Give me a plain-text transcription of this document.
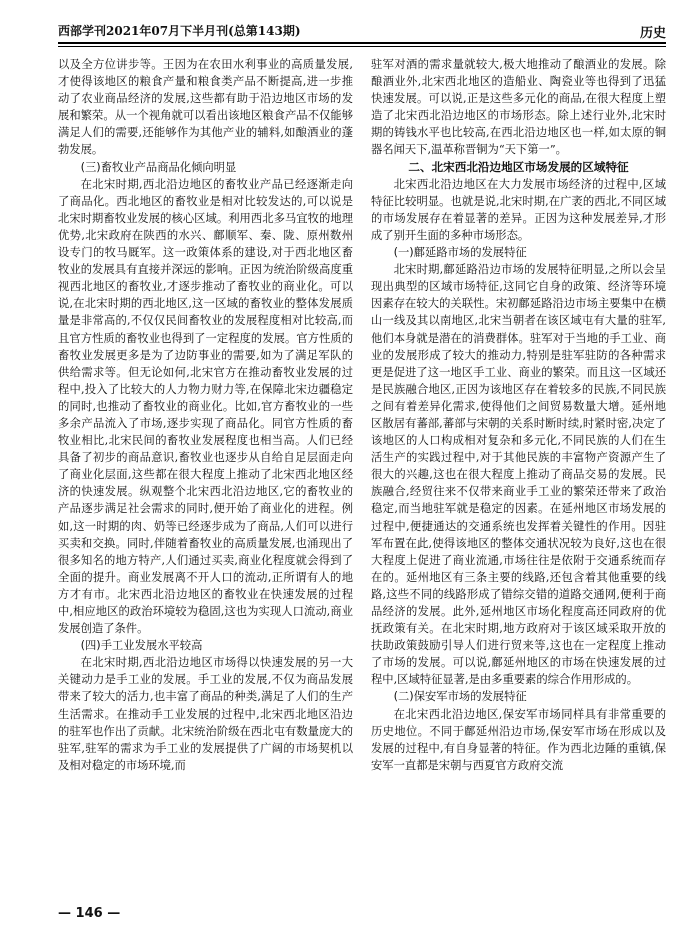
西部学刊2021年07月下半月刊(总第143期)	历史

以及全方位讲步等。王因为在农田水利事业的高质量发展,才使得该地区的粮食产量和粮食类产品不断提高,进一步推动了农业商品经济的发展,这些都有助于沿边地区市场的发展和繁荣。从一个视角就可以看出该地区粮食产品不仅能够满足人们的需要,还能够作为其他产业的辅料,如酿酒业的蓬勃发展。

(三)畜牧业产品商品化倾向明显

在北宋时期,西北沿边地区的畜牧业产品已经逐渐走向了商品化。西北地区的畜牧业是相对比较发达的,可以说是北宋时期畜牧业发展的核心区域。利用西北多马宜牧的地理优势,北宋政府在陕西的水兴、鄜顺军、秦、陇、原州数州设专门的牧马厩军。这一政策体系的建设,对于西北地区畜牧业的发展具有直接并深远的影响。正因为统治阶级高度重视西北地区的畜牧业,才逐步推动了畜牧业的商业化。可以说,在北宋时期的西北地区,这一区域的畜牧业的整体发展质量是非常高的,不仅仅民间畜牧业的发展程度相对比较高,而且官方性质的畜牧业也得到了一定程度的发展。官方性质的畜牧业发展更多是为了边防事业的需要,如为了满足军队的供给需求等。但无论如何,北宋官方在推动畜牧业发展的过程中,投入了比较大的人力物力财力等,在保障北宋边疆稳定的同时,也推动了畜牧业的商业化。比如,官方畜牧业的一些多余产品流入了市场,逐步实现了商品化。同官方性质的畜牧业相比,北宋民间的畜牧业发展程度也相当高。人们已经具备了初步的商品意识,畜牧业也逐步从自给自足层面走向了商业化层面,这些都在很大程度上推动了北宋西北地区经济的快速发展。纵观整个北宋西北沿边地区,它的畜牧业的产品逐步满足社会需求的同时,便开始了商业化的进程。例如,这一时期的肉、奶等已经逐步成为了商品,人们可以进行买卖和交换。同时,伴随着畜牧业的高质量发展,也涌现出了很多知名的地方特产,人们通过买卖,商业化程度就会得到了全面的提升。商业发展离不开人口的流动,正所谓有人的地方才有市。北宋西北沿边地区的畜牧业在快速发展的过程中,相应地区的政治环境较为稳固,这也为实现人口流动,商业发展创造了条件。

(四)手工业发展水平较高

在北宋时期,西北沿边地区市场得以快速发展的另一大关键动力是手工业的发展。手工业的发展,不仅为商品发展带来了较大的活力,也丰富了商品的种类,满足了人们的生产生活需求。在推动手工业发展的过程中,北宋西北地区沿边的驻军也作出了贡献。北宋统治阶级在西北屯有数量庞大的驻军,驻军的需求为手工业的发展提供了广阔的市场契机以及相对稳定的市场环境,而

驻军对酒的需求量就较大,极大地推动了酿酒业的发展。除酿酒业外,北宋西北地区的造船业、陶瓷业等也得到了迅猛快速发展。可以说,正是这些多元化的商品,在很大程度上塑造了北宋西北沿边地区的市场形态。除上述行业外,北宋时期的铸钱水平也比较高,在西北沿边地区也一样,如太原的铜器名闻天下,温革称晋铜为“天下第一”。

二、北宋西北沿边地区市场发展的区域特征

北宋西北沿边地区在大力发展市场经济的过程中,区域特征比较明显。也就是说,北宋时期,在广袤的西北,不同区域的市场发展存在着显著的差异。正因为这种发展差异,才形成了别开生面的多种市场形态。

(一)鄜延路市场的发展特征

北宋时期,鄜延路沿边市场的发展特征明显,之所以会呈现出典型的区域市场特征,这同它自身的政策、经济等环境因素存在较大的关联性。宋初鄜延路沿边市场主要集中在横山一线及其以南地区,北宋当朝者在该区域屯有大量的驻军,他们本身就是潜在的消费群体。驻军对于当地的手工业、商业的发展形成了较大的推动力,特别是驻军驻防的各种需求更是促进了这一地区手工业、商业的繁荣。而且这一区域还是民族融合地区,正因为该地区存在着较多的民族,不同民族之间有着差异化需求,使得他们之间贸易数量大增。延州地区散居有蕃部,蕃部与宋朝的关系时断时续,时紧时密,决定了该地区的人口构成相对复杂和多元化,不同民族的人们在生活生产的实践过程中,对于其他民族的丰富物产资源产生了很大的兴趣,这也在很大程度上推动了商品交易的发展。民族融合,经贸往来不仅带来商业手工业的繁荣还带来了政治稳定,而当地驻军就是稳定的因素。在延州地区市场发展的过程中,便捷通达的交通系统也发挥着关键性的作用。因驻军布置在此,使得该地区的整体交通状况较为良好,这也在很大程度上促进了商业流通,市场往往是依附于交通系统而存在的。延州地区有三条主要的线路,还包含着其他重要的线路,这些不同的线路形成了错综交错的道路交通网,便利于商品经济的发展。此外,延州地区市场化程度高还同政府的优抚政策有关。在北宋时期,地方政府对于该区域采取开放的扶助政策鼓励引导人们进行贸来等,这也在一定程度上推动了市场的发展。可以说,鄜延州地区的市场在快速发展的过程中,区域特征显著,是由多重要素的综合作用形成的。

(二)保安军市场的发展特征

在北宋西北沿边地区,保安军市场同样具有非常重要的历史地位。不同于鄜延州沿边市场,保安军市场在形成以及发展的过程中,有自身显著的特征。作为西北边陲的重镇,保安军一直都是宋朝与西夏官方政府交流

— 146 —
